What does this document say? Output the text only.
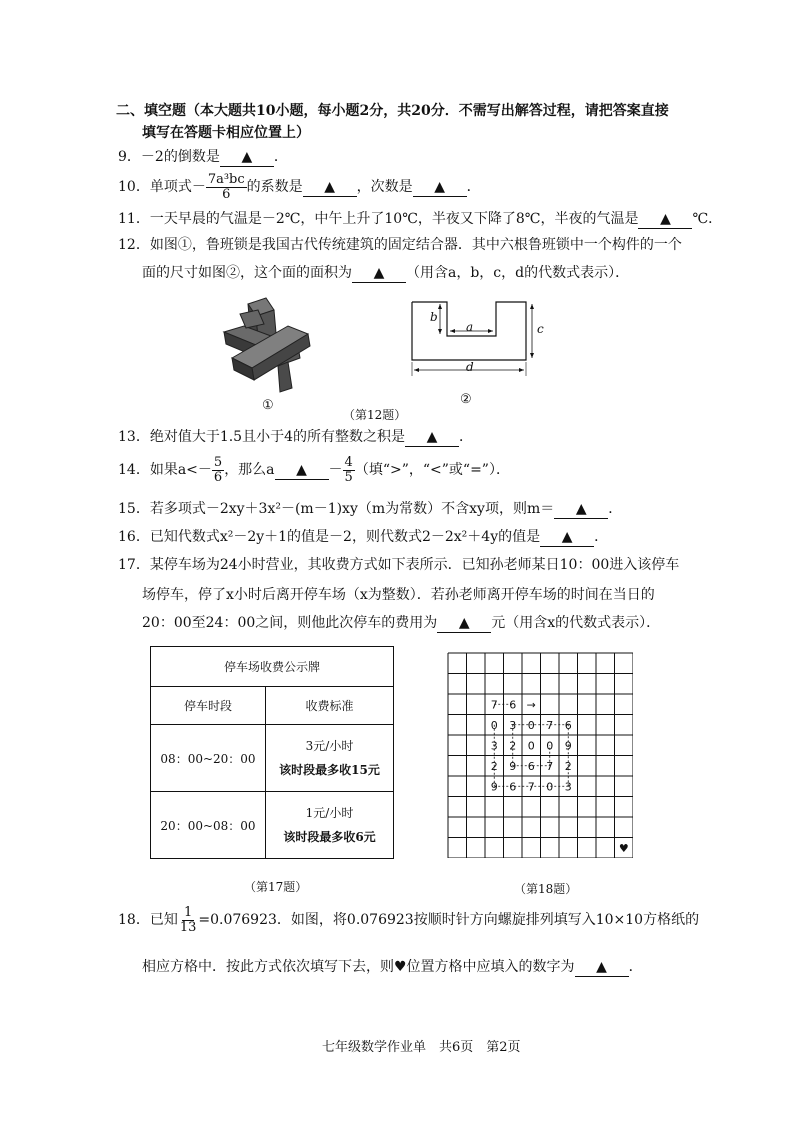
二、填空题（本大题共10小题，每小题2分，共20分．不需写出解答过程，请把答案直接
填写在答题卡相应位置上）
9．－2的倒数是 ▲ ．
10．单项式－ $\frac{\text{7a³bc}}{6}$ 的系数是 ▲ ，次数是 ▲ ．
11．一天早晨的气温是－2℃，中午上升了10℃，半夜又下降了8℃，半夜的气温是 ▲ ℃．
12．如图①，鲁班锁是我国古代传统建筑的固定结合器．其中六根鲁班锁中一个构件的一个
面的尺寸如图②，这个面的面积为 ▲ （用含a，b，c，d的代数式表示）．
①
b
a	c
d
②
（第12题）
13．绝对值大于1.5且小于4的所有整数之积是 ▲ ．
14．如果$a<- \frac{5}{6}$ ，那么a ▲ － $\frac{4}{5}$ （填“>”，“<”或“=”）．
15．若多项式－2xy＋3x²－(m－1)xy（m为常数）不含xy项，则m＝ ▲ ．
16．已知代数式x²－2y＋1的值是－2，则代数式2－2x²＋4y的值是 ▲ ．
17．某停车场为24小时营业，其收费方式如下表所示．已知孙老师某日10：00进入该停车
场停车，停了x小时后离开停车场（x为整数）．若孙老师离开停车场的时间在当日的
20：00至24：00之间，则他此次停车的费用为 ▲ 元（用含x的代数式表示）．
停车场收费公示牌	
停车时段	收费标准
08：00~20：00	3元/小时
该时段最多收15元

20：00~08：00	1元/小时
该时段最多收6元
（第17题）
7 6 →
0 3 0 7 6
3 2 0 0 9
2 9 6 7 2
9 6 7 0 3
♥
（第18题）
18．已知 $\frac{1}{13} =0.076923$．如图，将0.076923按顺时针方向螺旋排列填写入10×10方格纸的
相应方格中．按此方式依次填写下去，则♥位置方格中应填入的数字为 ▲ ．
七年级数学作业单　共6页　第2页
